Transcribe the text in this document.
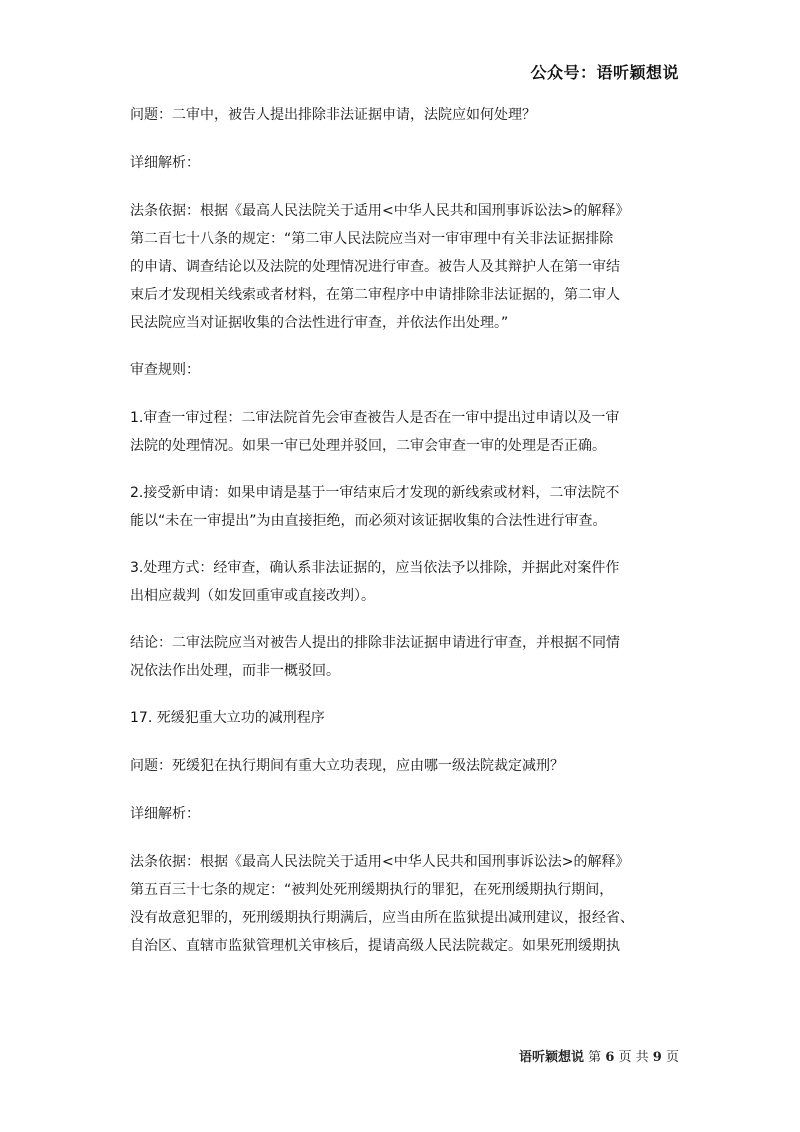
公众号：语听颖想说

问题：二审中，被告人提出排除非法证据申请，法院应如何处理？

详细解析：

法条依据：根据《最高人民法院关于适用<中华人民共和国刑事诉讼法>的解释》
第二百七十八条的规定：“第二审人民法院应当对一审审理中有关非法证据排除
的申请、调查结论以及法院的处理情况进行审查。被告人及其辩护人在第一审结
束后才发现相关线索或者材料，在第二审程序中申请排除非法证据的，第二审人
民法院应当对证据收集的合法性进行审查，并依法作出处理。”

审查规则：

1.审查一审过程：二审法院首先会审查被告人是否在一审中提出过申请以及一审
法院的处理情况。如果一审已处理并驳回，二审会审查一审的处理是否正确。

2.接受新申请：如果申请是基于一审结束后才发现的新线索或材料，二审法院不
能以“未在一审提出”为由直接拒绝，而必须对该证据收集的合法性进行审查。

3.处理方式：经审查，确认系非法证据的，应当依法予以排除，并据此对案件作
出相应裁判（如发回重审或直接改判）。

结论：二审法院应当对被告人提出的排除非法证据申请进行审查，并根据不同情
况依法作出处理，而非一概驳回。

17. 死缓犯重大立功的减刑程序

问题：死缓犯在执行期间有重大立功表现，应由哪一级法院裁定减刑？

详细解析：

法条依据：根据《最高人民法院关于适用<中华人民共和国刑事诉讼法>的解释》
第五百三十七条的规定：“被判处死刑缓期执行的罪犯，在死刑缓期执行期间，
没有故意犯罪的，死刑缓期执行期满后，应当由所在监狱提出减刑建议，报经省、
自治区、直辖市监狱管理机关审核后，提请高级人民法院裁定。如果死刑缓期执

语听颖想说 第 6 页 共 9 页
